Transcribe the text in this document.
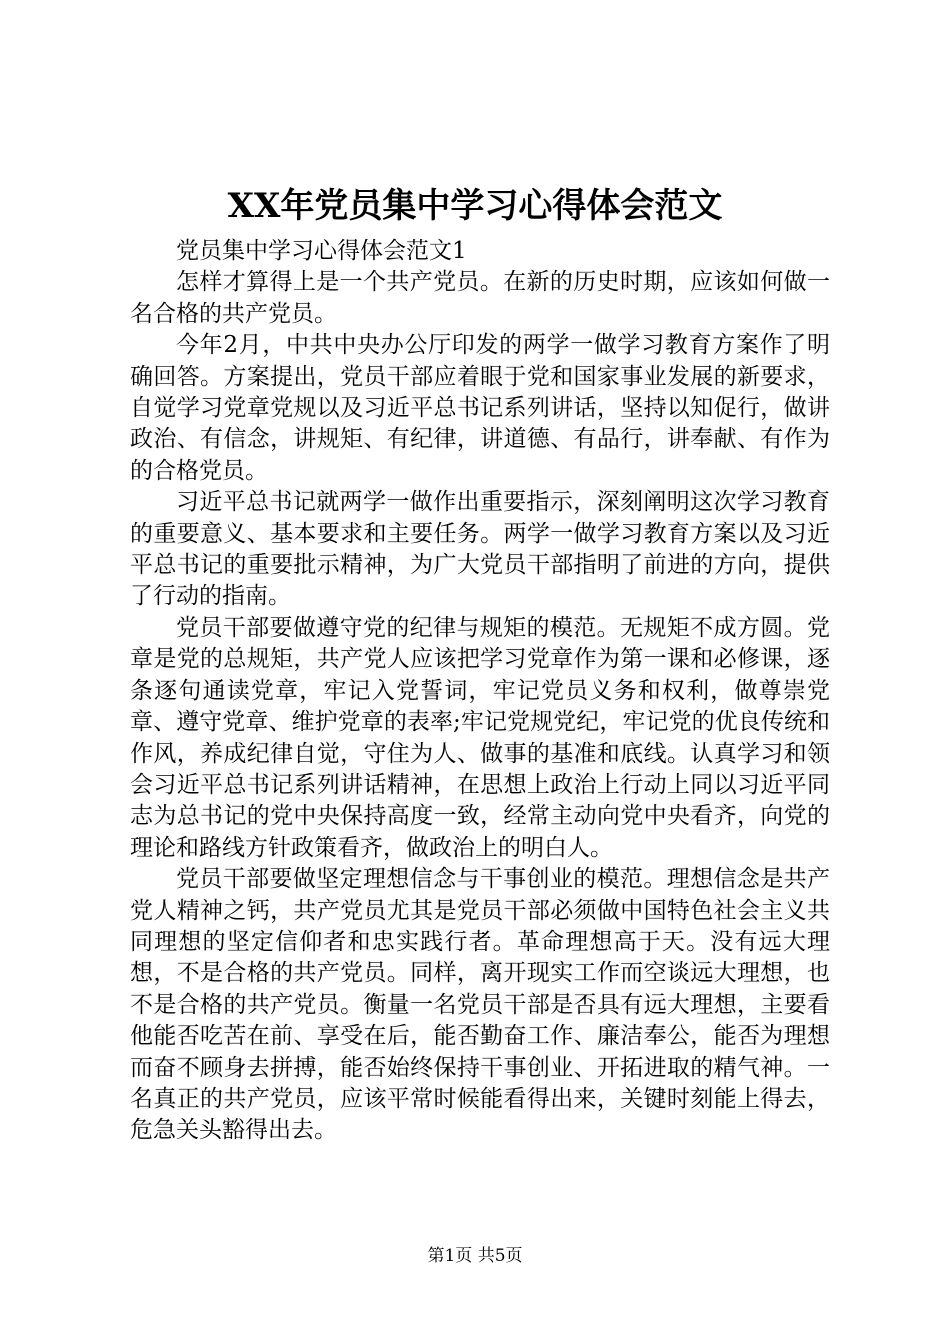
XX年党员集中学习心得体会范文

党员集中学习心得体会范文1

怎样才算得上是一个共产党员。在新的历史时期，应该如何做一名合格的共产党员。

今年2月，中共中央办公厅印发的两学一做学习教育方案作了明确回答。方案提出，党员干部应着眼于党和国家事业发展的新要求，自觉学习党章党规以及习近平总书记系列讲话，坚持以知促行，做讲政治、有信念，讲规矩、有纪律，讲道德、有品行，讲奉献、有作为的合格党员。

习近平总书记就两学一做作出重要指示，深刻阐明这次学习教育的重要意义、基本要求和主要任务。两学一做学习教育方案以及习近平总书记的重要批示精神，为广大党员干部指明了前进的方向，提供了行动的指南。

党员干部要做遵守党的纪律与规矩的模范。无规矩不成方圆。党章是党的总规矩，共产党人应该把学习党章作为第一课和必修课，逐条逐句通读党章，牢记入党誓词，牢记党员义务和权利，做尊崇党章、遵守党章、维护党章的表率;牢记党规党纪，牢记党的优良传统和作风，养成纪律自觉，守住为人、做事的基准和底线。认真学习和领会习近平总书记系列讲话精神，在思想上政治上行动上同以习近平同志为总书记的党中央保持高度一致，经常主动向党中央看齐，向党的理论和路线方针政策看齐，做政治上的明白人。

党员干部要做坚定理想信念与干事创业的模范。理想信念是共产党人精神之钙，共产党员尤其是党员干部必须做中国特色社会主义共同理想的坚定信仰者和忠实践行者。革命理想高于天。没有远大理想，不是合格的共产党员。同样，离开现实工作而空谈远大理想，也不是合格的共产党员。衡量一名党员干部是否具有远大理想，主要看他能否吃苦在前、享受在后，能否勤奋工作、廉洁奉公，能否为理想而奋不顾身去拼搏，能否始终保持干事创业、开拓进取的精气神。一名真正的共产党员，应该平常时候能看得出来，关键时刻能上得去，危急关头豁得出去。

第1页 共5页
